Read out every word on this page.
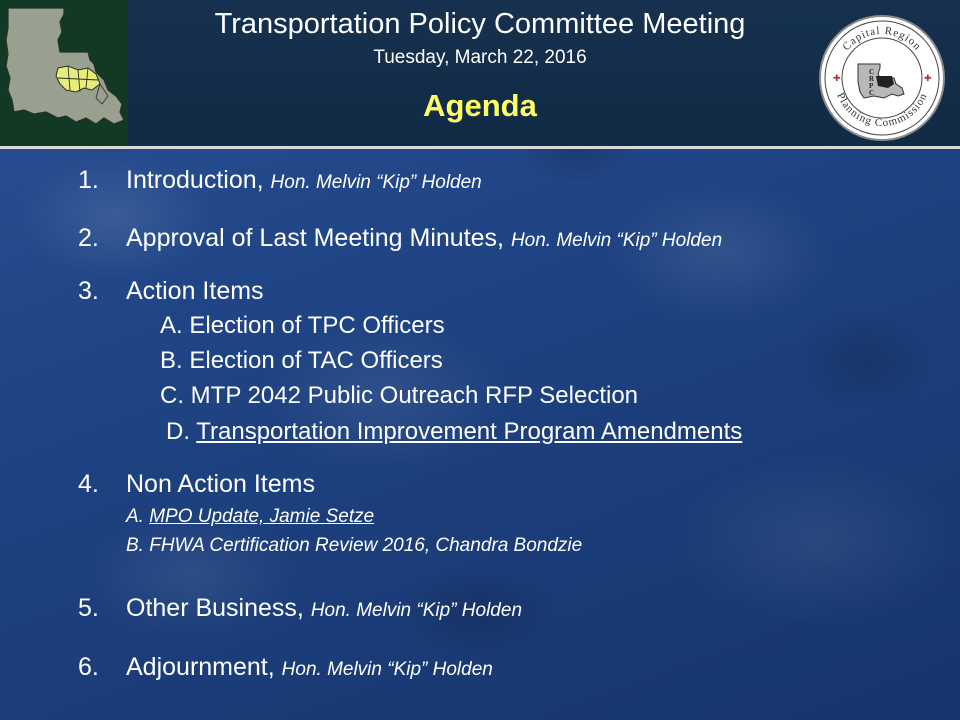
Transportation Policy Committee Meeting
Tuesday, March 22, 2016
Agenda
Capital Region
Planning Commission
C
R
P
C
✚	✚
1. Introduction, Hon. Melvin “Kip” Holden
2. Approval of Last Meeting Minutes, Hon. Melvin “Kip” Holden
3. Action Items
A. Election of TPC Officers
B. Election of TAC Officers
C. MTP 2042 Public Outreach RFP Selection
D. Transportation Improvement Program Amendments
4. Non Action Items
A. MPO Update, Jamie Setze
B. FHWA Certification Review 2016, Chandra Bondzie
5. Other Business, Hon. Melvin “Kip” Holden
6. Adjournment, Hon. Melvin “Kip” Holden
